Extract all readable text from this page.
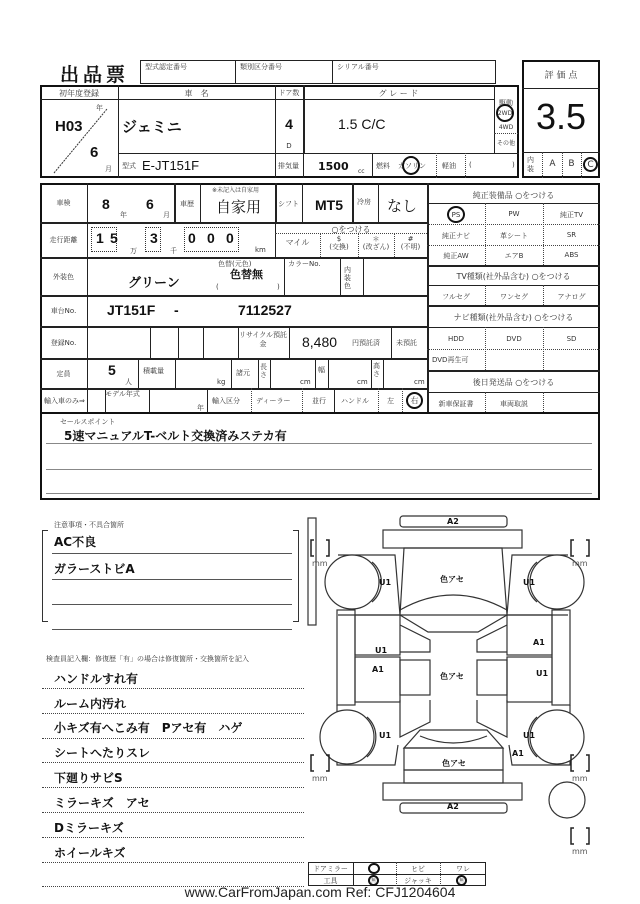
出品票 型式認定番号	類別区分番号	シリアル番号
評 価 点
3.5
内装	A	B	C
初年度登録
年
H03
6
月
車　名
ジェミニ
ドア数
4
D
グ レ ー ド
1.5 C/C
駆動
2WD
4WD
その他
型式 E-JT151F	排気量 1500 cc
燃料 ガソリン 軽油 (	)
車検	8
年
6
月
車歴
※未記入は自家用
自家用 シフト MT5 冷房 なし
走行距離	1 5
万
3
千
0 0 0
km
○をつける
マイル	$
(交換)
＊
(改ざん)
#
(不明)
外装色	グリーン
色替(元色)
色替無
(	)
カラーNo.
内装色
車台No.	JT151F -	7112527
登録No.
リサイクル預託金	8,480 円預託済 未預託
定員	5
人
積載量
kg
諸元
長さ
cm
幅
cm
高さ
cm
輸入車のみ⇒
モデル年式
年
輸入区分 ディーラー	並行 ハンドル	左	右
純正装備品 ○をつける
PS	PW	純正TV
純正ナビ	革シート	SR
純正AW	エアB	ABS
TV種類(社外品含む) ○をつける
フルセグ	ワンセグ	アナログ
ナビ種類(社外品含む) ○をつける
HDD	DVD	SD
DVD再生可
後日発送品 ○をつける
新車保証書	車両取説
セールスポイント
5速マニュアルT-ベルト交換済みステカ有
注意事項・不具合箇所
AC不良
ガラーストビA
検査員記入欄：修復歴「有」の場合は修復箇所・交換箇所を記入
ハンドルすれ有
ルーム内汚れ
小キズ有へこみ有　Pアセ有　ハゲ
シートへたりスレ
下廻りサビS
ミラーキズ　アセ
Dミラーキズ
ホイールキズ
mm	mm
mm	mm
mm
A2
色アセ
色アセ
色アセ
A2
U1	U1
U1
A1
A1
U1
U1	U1
A1
ドアミラー	ヒビ	ワレ
工具	無	ジャッキ	無
www.CarFromJapan.com Ref: CFJ1204604
